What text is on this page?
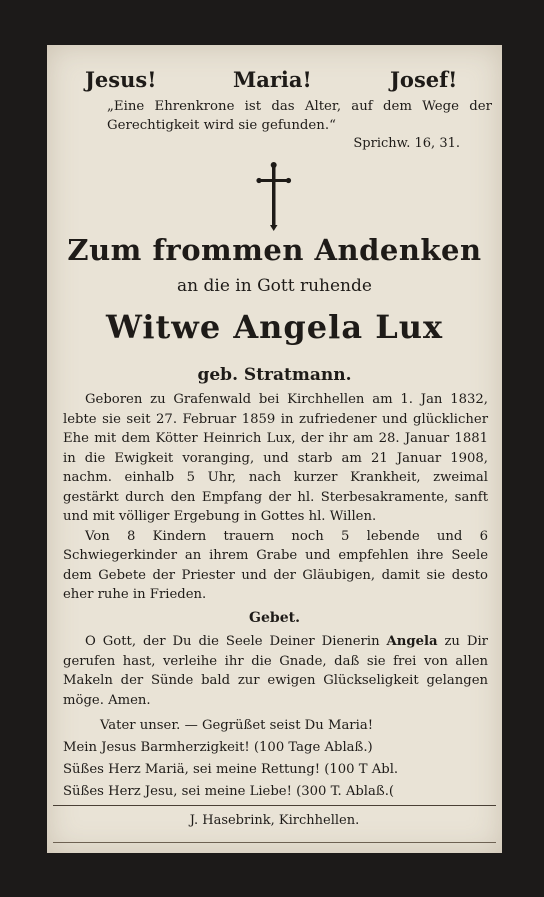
Jesus!	Maria!	Josef!
„Eine Ehrenkrone ist das Alter, auf dem Wege der Gerechtigkeit wird sie gefunden.“
Sprichw. 16, 31.
Zum frommen Andenken
an die in Gott ruhende
Witwe Angela Lux
geb. Stratmann.

Geboren zu Grafenwald bei Kirchhellen am 1. Jan 1832, lebte sie seit 27. Februar 1859 in zufriedener und glücklicher Ehe mit dem Kötter Heinrich Lux, der ihr am 28. Januar 1881 in die Ewigkeit voranging, und starb am 21 Januar 1908, nachm. einhalb 5 Uhr, nach kurzer Krankheit, zweimal gestärkt durch den Empfang der hl. Sterbesakramente, sanft und mit völliger Ergebung in Gottes hl. Willen.

Von 8 Kindern trauern noch 5 lebende und 6 Schwiegerkinder an ihrem Grabe und empfehlen ihre Seele dem Gebete der Priester und der Gläubigen, damit sie desto eher ruhe in Frieden.

Gebet.

O Gott, der Du die Seele Deiner Dienerin Angela zu Dir gerufen hast, verleihe ihr die Gnade, daß sie frei von allen Makeln der Sünde bald zur ewigen Glückseligkeit gelangen möge. Amen.

Vater unser. — Gegrüßet seist Du Maria!
Mein Jesus Barmherzigkeit! (100 Tage Ablaß.)
Süßes Herz Mariä, sei meine Rettung! (100 T Abl.
Süßes Herz Jesu, sei meine Liebe! (300 T. Ablaß.(
J. Hasebrink, Kirchhellen.
